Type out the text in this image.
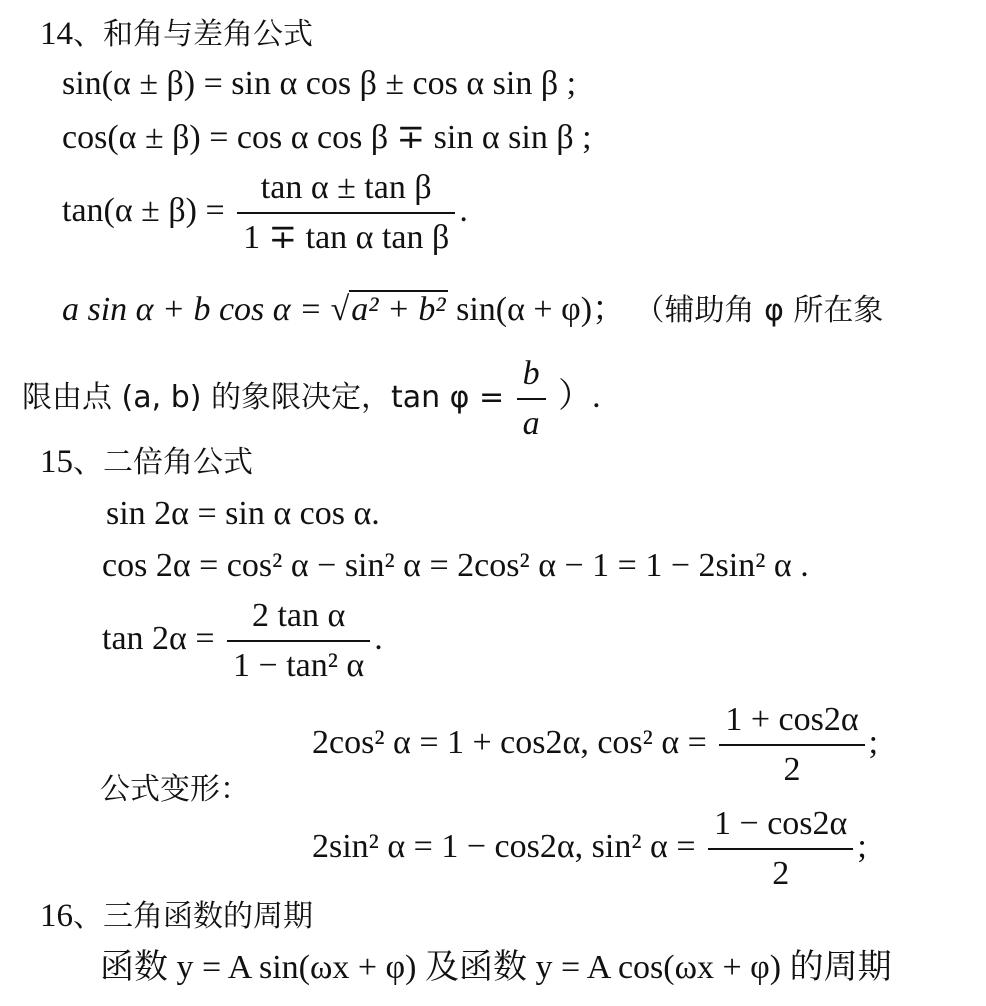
14、和角与差角公式
sin(α ± β) = sin α cos β ± cos α sin β ;
cos(α ± β) = cos α cos β ∓ sin α sin β ;
$\tan(\alpha \pm \beta) = \frac{\text{tan α ± tan β}}{\text{1 ∓ tan α tan β}}$ .
a sin α + b cos α = √a² + b² sin(α + φ)； （辅助角 φ 所在象
限由点 (a, b) 的象限决定，$\tan \varphi = \frac{b}{a}$ ）.
15、二倍角公式
sin 2α = sin α cos α.
cos 2α = cos² α − sin² α = 2cos² α − 1 = 1 − 2sin² α .
$\tan 2\alpha = \frac{\text{2 tan α}}{\text{1 − tan² α}}$ .
公式变形：
2cos² α = 1 + cos2α, cos² $\alpha = \frac{1 + \cos 2\alpha}{2}$ ;
2sin² α = 1 − cos2α, sin² $\alpha = \frac{1 - \cos 2\alpha}{2}$ ;
16、三角函数的周期
函数 y = A sin(ωx + φ) 及函数 y = A cos(ωx + φ) 的周期
